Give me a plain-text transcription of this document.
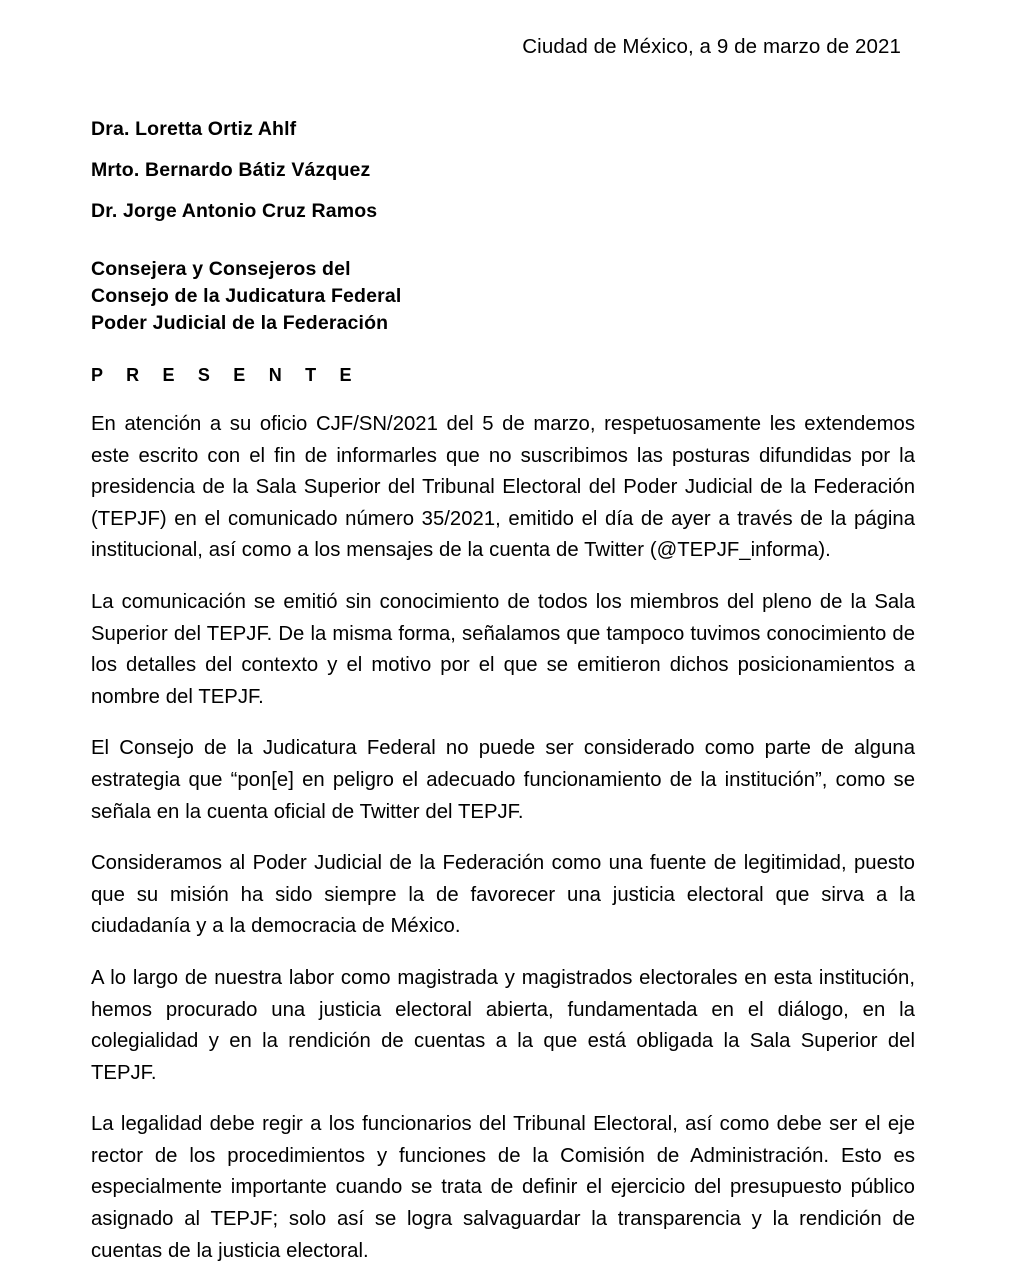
Ciudad de México, a 9 de marzo de 2021
Dra. Loretta Ortiz Ahlf
Mrto. Bernardo Bátiz Vázquez
Dr. Jorge Antonio Cruz Ramos
Consejera y Consejeros del
Consejo de la Judicatura Federal
Poder Judicial de la Federación
P R E S E N T E

En atención a su oficio CJF/SN/2021 del 5 de marzo, respetuosamente les extendemos este escrito con el fin de informarles que no suscribimos las posturas difundidas por la presidencia de la Sala Superior del Tribunal Electoral del Poder Judicial de la Federación (TEPJF) en el comunicado número 35/2021, emitido el día de ayer a través de la página institucional, así como a los mensajes de la cuenta de Twitter (@TEPJF_informa).

La comunicación se emitió sin conocimiento de todos los miembros del pleno de la Sala Superior del TEPJF. De la misma forma, señalamos que tampoco tuvimos conocimiento de los detalles del contexto y el motivo por el que se emitieron dichos posicionamientos a nombre del TEPJF.

El Consejo de la Judicatura Federal no puede ser considerado como parte de alguna estrategia que “pon[e] en peligro el adecuado funcionamiento de la institución”, como se señala en la cuenta oficial de Twitter del TEPJF.

Consideramos al Poder Judicial de la Federación como una fuente de legitimidad, puesto que su misión ha sido siempre la de favorecer una justicia electoral que sirva a la ciudadanía y a la democracia de México.

A lo largo de nuestra labor como magistrada y magistrados electorales en esta institución, hemos procurado una justicia electoral abierta, fundamentada en el diálogo, en la colegialidad y en la rendición de cuentas a la que está obligada la Sala Superior del TEPJF.

La legalidad debe regir a los funcionarios del Tribunal Electoral, así como debe ser el eje rector de los procedimientos y funciones de la Comisión de Administración. Esto es especialmente importante cuando se trata de definir el ejercicio del presupuesto público asignado al TEPJF; solo así se logra salvaguardar la transparencia y la rendición de cuentas de la justicia electoral.
